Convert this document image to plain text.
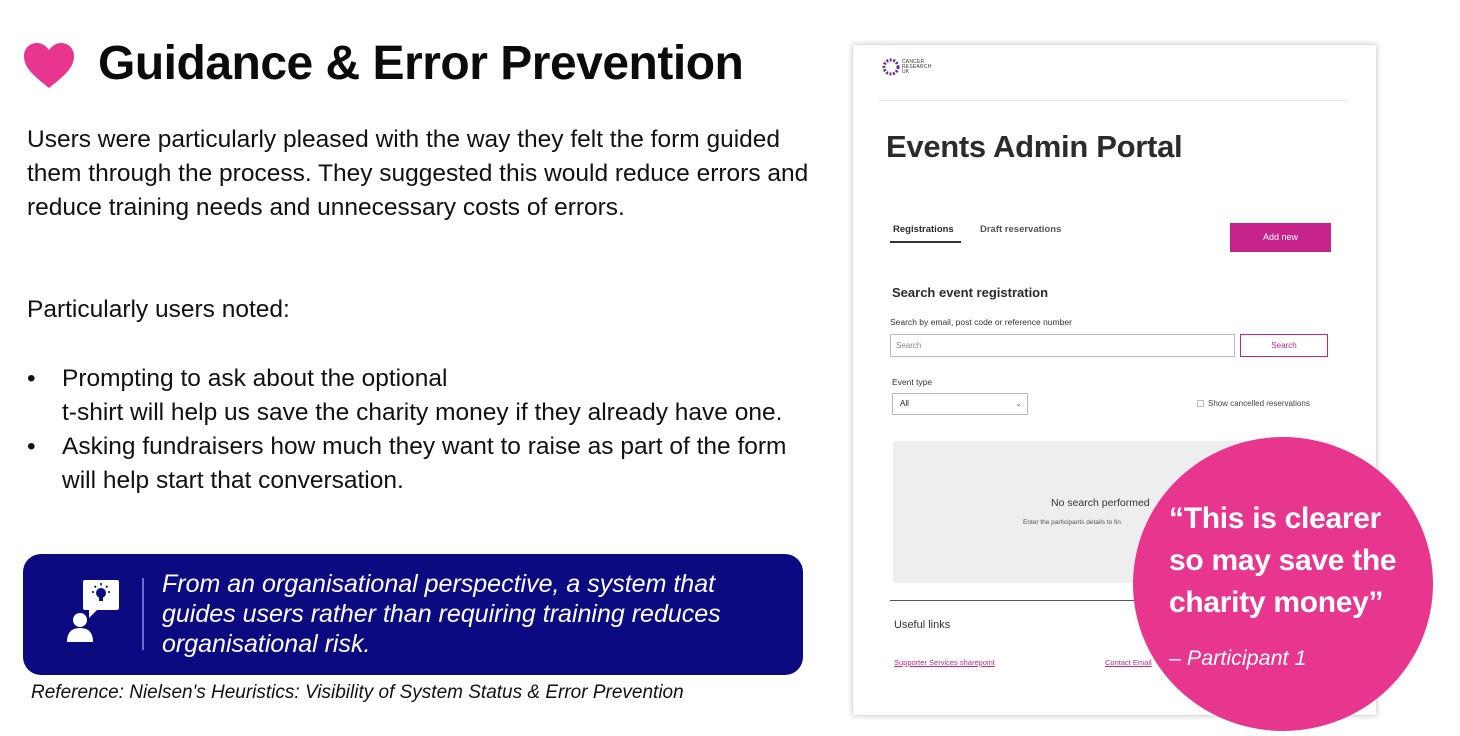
Guidance & Error Prevention

Users were particularly pleased with the way they felt the form guided them through the process. They suggested this would reduce errors and reduce training needs and unnecessary costs of errors.

Particularly users noted:

• Prompting to ask about the optional
t-shirt will help us save the charity money if they already have one.
• Asking fundraisers how much they want to raise as part of the form will help start that conversation.

From an organisational perspective, a system that guides users rather than requiring training reduces organisational risk.

Reference: Nielsen's Heuristics: Visibility of System Status & Error Prevention

CANCER
RESEARCH
UK
Events Admin Portal
Registrations	Draft reservations
Add new
Search event registration
Search by email, post code or reference number
Search	Search
Event type
All	⌄	Show cancelled reservations
No search performed
Enter the participants details to fin
Useful links
Supporter Services sharepoint	Contact Email

“This is clearer so may save the charity money”

– Participant 1
